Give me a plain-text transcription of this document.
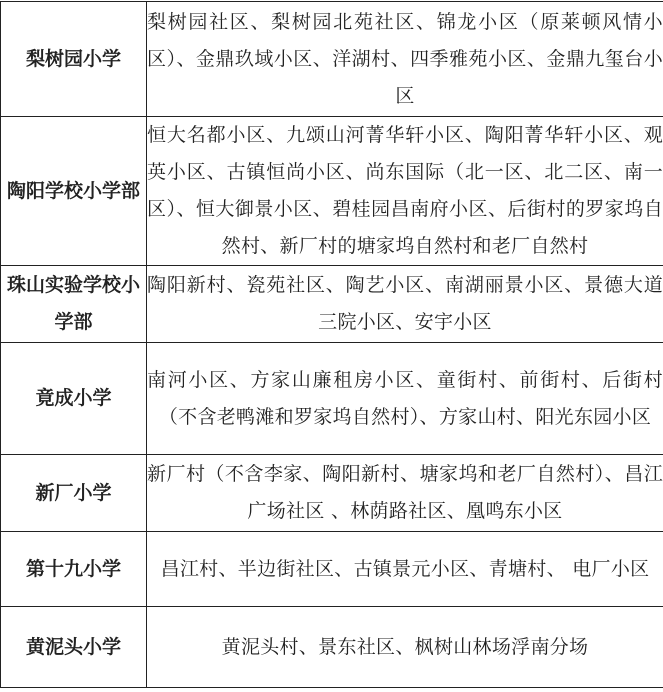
梨树园小学	梨树园社区、梨树园北苑社区、锦龙小区（原莱顿风情小区）、金鼎玖域小区、洋湖村、四季雅苑小区、金鼎九玺台小区
陶阳学校小学部	恒大名都小区、九颂山河菁华轩小区、陶阳菁华轩小区、观英小区、古镇恒尚小区、尚东国际（北一区、北二区、南一区）、恒大御景小区、碧桂园昌南府小区、后街村的罗家坞自然村、新厂村的塘家坞自然村和老厂自然村
珠山实验学校小学部	陶阳新村、瓷苑社区、陶艺小区、南湖丽景小区、景德大道三院小区、安宇小区
竟成小学	南河小区、方家山廉租房小区、童街村、前街村、后街村（不含老鸭滩和罗家坞自然村）、方家山村、阳光东园小区
新厂小学	新厂村（不含李家、陶阳新村、塘家坞和老厂自然村）、昌江广场社区 、林荫路社区、凰鸣东小区
第十九小学	昌江村、半边街社区、古镇景元小区、青塘村、 电厂小区
黄泥头小学	黄泥头村、景东社区、枫树山林场浮南分场
